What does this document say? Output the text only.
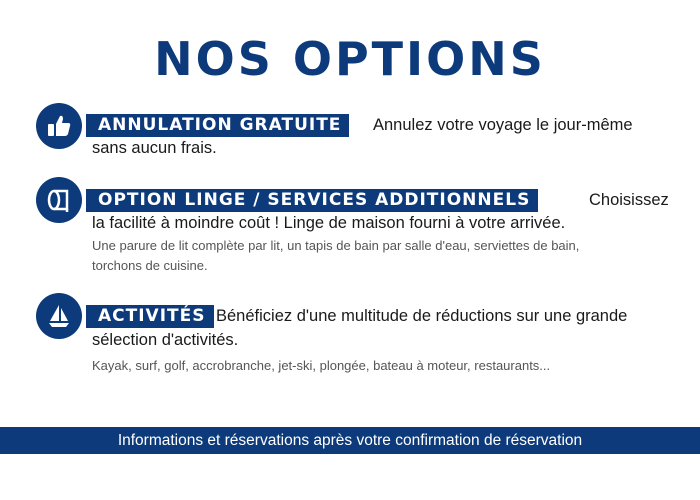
NOS OPTIONS
ANNULATION GRATUITE	Annulez votre voyage le jour-même
sans aucun frais.
OPTION LINGE / SERVICES ADDITIONNELS	Choisissez
la facilité à moindre coût ! Linge de maison fourni à votre arrivée.
Une parure de lit complète par lit, un tapis de bain par salle d'eau, serviettes de bain,
torchons de cuisine.
ACTIVITÉS Bénéficiez d'une multitude de réductions sur une grande
sélection d'activités.
Kayak, surf, golf, accrobranche, jet-ski, plongée, bateau à moteur, restaurants...
Informations et réservations après votre confirmation de réservation
